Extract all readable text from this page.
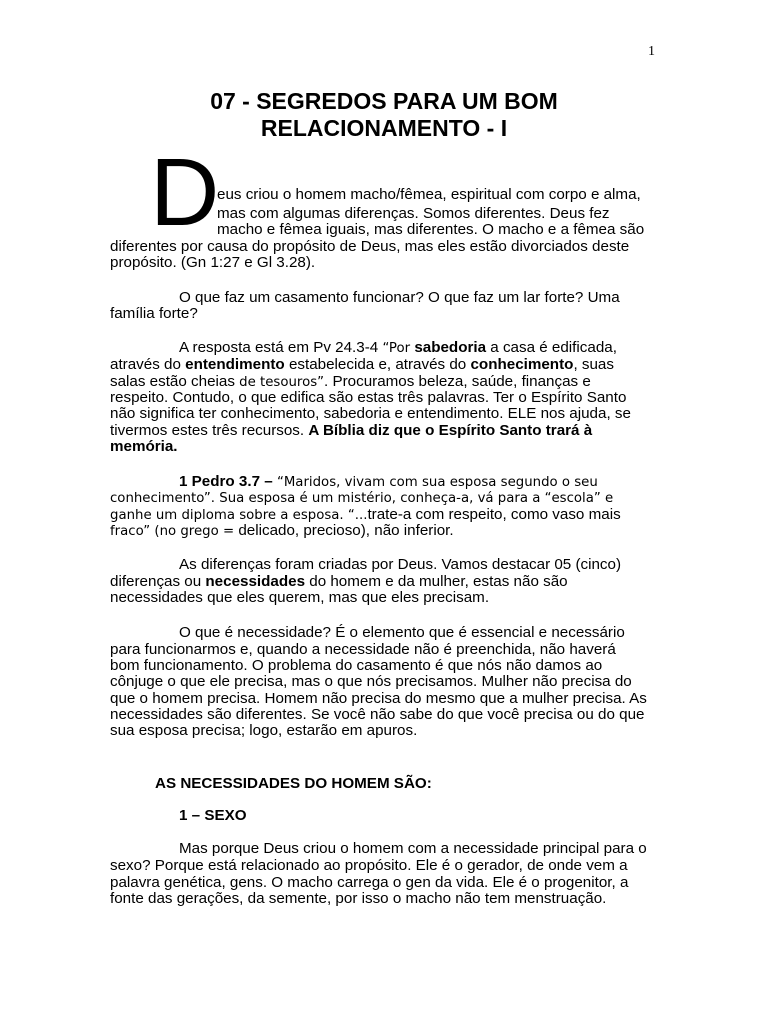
1
07 - SEGREDOS PARA UM BOM
RELACIONAMENTO - I
D
eus criou o homem macho/fêmea, espiritual com corpo e alma,
mas com algumas diferenças. Somos diferentes. Deus fez
macho e fêmea iguais, mas diferentes. O macho e a fêmea são
diferentes por causa do propósito de Deus, mas eles estão divorciados deste
propósito. (Gn 1:27 e Gl 3.28).
O que faz um casamento funcionar? O que faz um lar forte? Uma
família forte?
A resposta está em Pv 24.3-4 “Por sabedoria a casa é edificada,
através do entendimento estabelecida e, através do conhecimento, suas
salas estão cheias de tesouros”. Procuramos beleza, saúde, finanças e
respeito. Contudo, o que edifica são estas três palavras. Ter o Espírito Santo
não significa ter conhecimento, sabedoria e entendimento. ELE nos ajuda, se
tivermos estes três recursos. A Bíblia diz que o Espírito Santo trará à
memória.
1 Pedro 3.7 – “Maridos, vivam com sua esposa segundo o seu
conhecimento”. Sua esposa é um mistério, conheça-a, vá para a “escola” e
ganhe um diploma sobre a esposa. “...trate-a com respeito, como vaso mais
fraco” (no grego = delicado, precioso), não inferior.
As diferenças foram criadas por Deus. Vamos destacar 05 (cinco)
diferenças ou necessidades do homem e da mulher, estas não são
necessidades que eles querem, mas que eles precisam.
O que é necessidade? É o elemento que é essencial e necessário
para funcionarmos e, quando a necessidade não é preenchida, não haverá
bom funcionamento. O problema do casamento é que nós não damos ao
cônjuge o que ele precisa, mas o que nós precisamos. Mulher não precisa do
que o homem precisa. Homem não precisa do mesmo que a mulher precisa. As
necessidades são diferentes. Se você não sabe do que você precisa ou do que
sua esposa precisa; logo, estarão em apuros.
AS NECESSIDADES DO HOMEM SÃO:
1 – SEXO
Mas porque Deus criou o homem com a necessidade principal para o
sexo? Porque está relacionado ao propósito. Ele é o gerador, de onde vem a
palavra genética, gens. O macho carrega o gen da vida. Ele é o progenitor, a
fonte das gerações, da semente, por isso o macho não tem menstruação.
